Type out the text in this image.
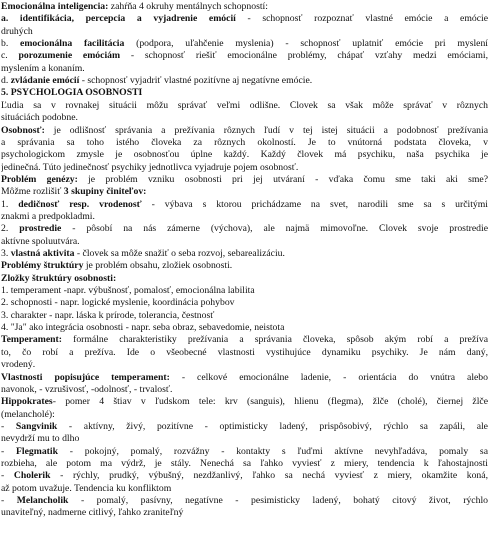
Emocionálna inteligencia: zahŕňa 4 okruhy mentálnych schopností:
a. identifikácia, percepcia a vyjadrenie emócií - schopnosť rozpoznať vlastné emócie a emócie
druhých
b. emocionálna facilitácia (podpora, uľahčenie myslenia) - schopnosť uplatniť emócie pri myslení
c. porozumenie emóciám - schopnosť riešiť emocionálne problémy, chápať vzťahy medzi emóciami,
myslením a konaním.
d. zvládanie emócií - schopnosť vyjadriť vlastné pozitívne aj negatívne emócie.
5. PSYCHOLÓGIA OSOBNOSTI
Ľudia sa v rovnakej situácii môžu správať veľmi odlišne. Človek sa však môže správať v rôznych
situáciách podobne.
Osobnosť: je odlišnosť správania a prežívania rôznych ľudí v tej istej situácii a podobnosť prežívania
a správania sa toho istého človeka za rôznych okolností. Je to vnútorná podstata človeka, v
psychologickom zmysle je osobnosťou úplne každý. Každý človek má psychiku, naša psychika je
jedinečná. Túto jedinečnosť psychiky jednotlivca vyjadruje pojem osobnosť.
Problém genézy: je problém vzniku osobnosti pri jej utváraní - vďaka čomu sme taki aki sme?
Môžme rozlišiť 3 skupiny činiteľov:
1. dedičnosť resp. vrodenosť - výbava s ktorou prichádzame na svet, narodili sme sa s určitými
znakmi a predpokladmi.
2. prostredie - pôsobí na nás zámerne (výchova), ale najmä mimovoľne. Človek svoje prostredie
aktívne spoluutvára.
3. vlastná aktivita - človek sa môže snažiť o seba rozvoj, sebarealizáciu.
Problémy štruktúry je problém obsahu, zložiek osobnosti.
Zložky štruktúry osobnosti:
1. temperament -napr. výbušnosť, pomalosť, emocionálna labilita
2. schopnosti - napr. logické myslenie, koordinácia pohybov
3. charakter - napr. láska k prírode, tolerancia, čestnosť
4. "Ja" ako integrácia osobnosti - napr. seba obraz, sebavedomie, neistota
Temperament: formálne charakteristiky prežívania a správania človeka, spôsob akým robí a prežíva
to, čo robí a prežíva. Ide o všeobecné vlastnosti vystihujúce dynamiku psychiky. Je nám daný,
vrodený.
Vlastnosti popisujúce temperament: - celkové emocionálne ladenie, - orientácia do vnútra alebo
navonok, - vzrušivosť, -odolnosť, - trvalosť.
Hippokrates- pomer 4 štiav v ľudskom tele: krv (sanguis), hlienu (flegma), žlče (cholé), čiernej žlče
(melancholé):
- Sangvinik - aktívny, živý, pozitívne - optimisticky ladený, prispôsobivý, rýchlo sa zapáli, ale
nevydrží mu to dlho
- Flegmatik - pokojný, pomalý, rozvážny - kontakty s ľuďmi aktívne nevyhľadáva, pomaly sa
rozbieha, ale potom ma výdrž, je stály. Nenechá sa ľahko vyviesť z miery, tendencia k ľahostajnosti
- Cholerik - rýchly, prudký, výbušný, nezdžanlivý, ľahko sa nechá vyviesť z miery, okamžite koná,
až potom uvažuje. Tendencia ku konfliktom
- Melancholik - pomalý, pasívny, negatívne - pesimisticky ladený, bohatý citový život, rýchlo
unaviteľný, nadmerne citlivý, ľahko zraniteľný
